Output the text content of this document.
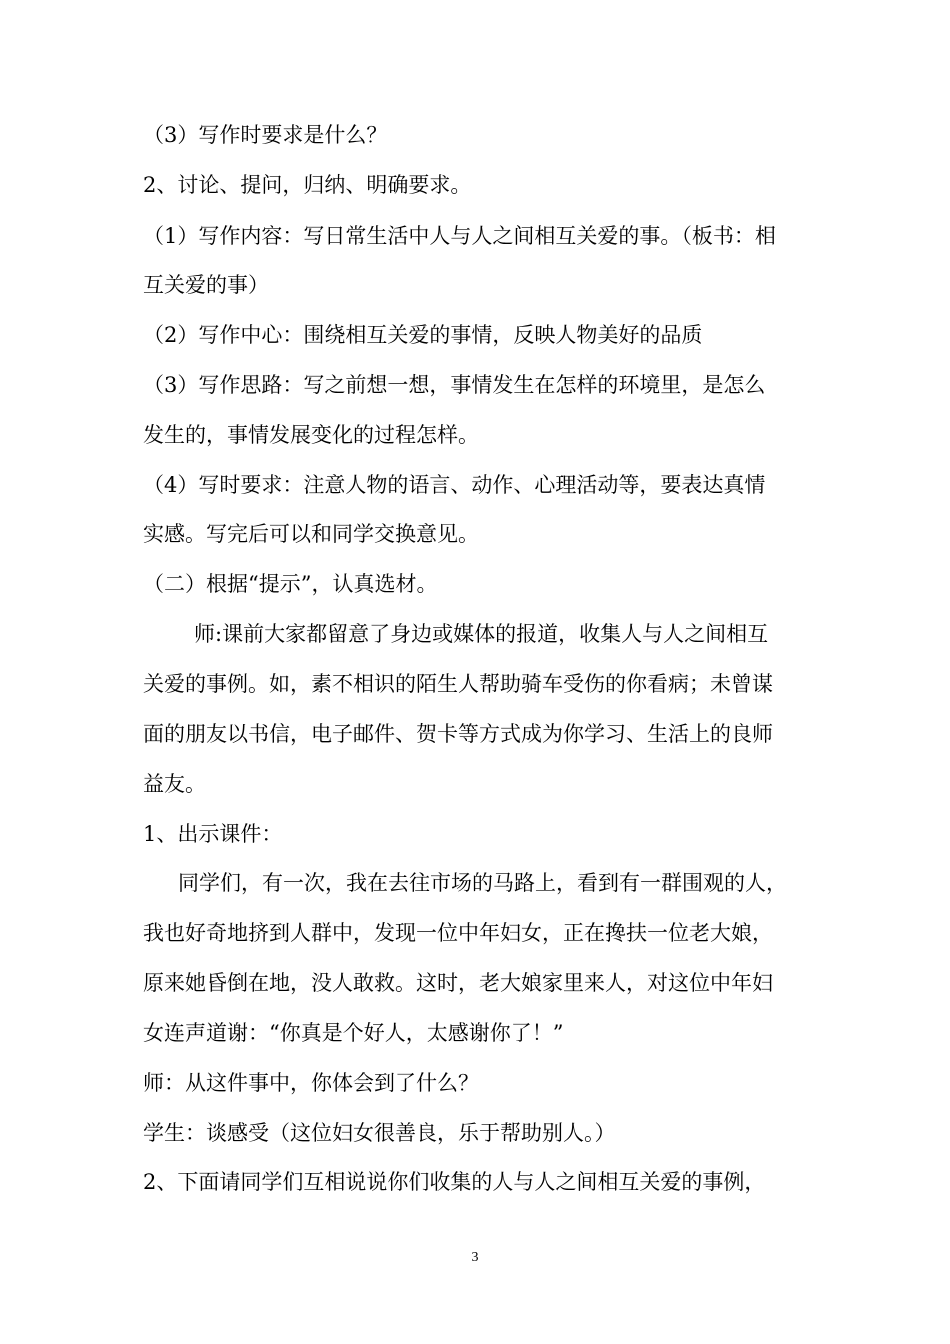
（3）写作时要求是什么？
2、讨论、提问，归纳、明确要求。
（1）写作内容：写日常生活中人与人之间相互关爱的事。（板书：相
互关爱的事）
（2）写作中心：围绕相互关爱的事情，反映人物美好的品质
（3）写作思路：写之前想一想，事情发生在怎样的环境里，是怎么
发生的，事情发展变化的过程怎样。
（4）写时要求：注意人物的语言、动作、心理活动等，要表达真情
实感。写完后可以和同学交换意见。
（二）根据“提示”，认真选材。
师:课前大家都留意了身边或媒体的报道，收集人与人之间相互
关爱的事例。如，素不相识的陌生人帮助骑车受伤的你看病；未曾谋
面的朋友以书信，电子邮件、贺卡等方式成为你学习、生活上的良师
益友。
1、出示课件：
同学们，有一次，我在去往市场的马路上，看到有一群围观的人，
我也好奇地挤到人群中，发现一位中年妇女，正在搀扶一位老大娘，
原来她昏倒在地，没人敢救。这时，老大娘家里来人，对这位中年妇
女连声道谢：“你真是个好人，太感谢你了！”
师：从这件事中，你体会到了什么？
学生：谈感受（这位妇女很善良，乐于帮助别人。）
2、下面请同学们互相说说你们收集的人与人之间相互关爱的事例，
3
